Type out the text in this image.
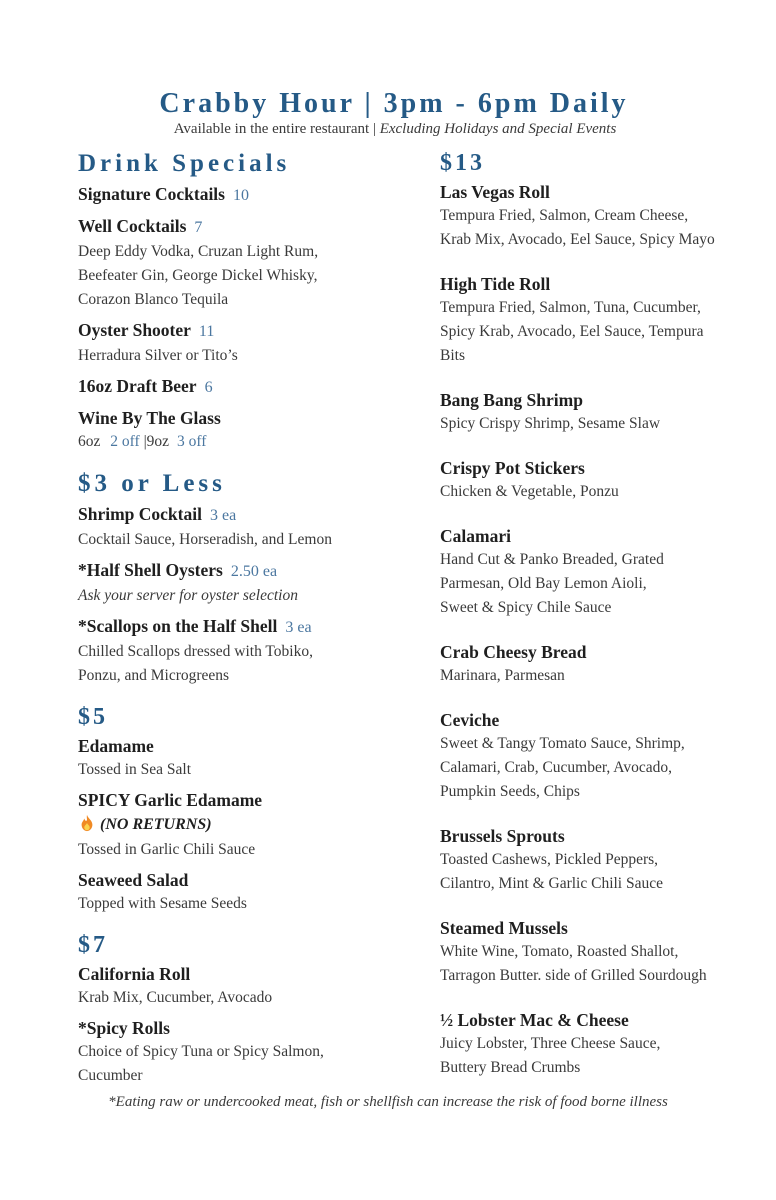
Crabby Hour | 3pm - 6pm Daily
Available in the entire restaurant | Excluding Holidays and Special Events
Drink Specials
Signature Cocktails 10
Well Cocktails 7
Deep Eddy Vodka, Cruzan Light Rum,
Beefeater Gin, George Dickel Whisky,
Corazon Blanco Tequila
Oyster Shooter 11
Herradura Silver or Tito’s
16oz Draft Beer 6
Wine By The Glass
6oz 2 off |9oz 3 off
$3 or Less
Shrimp Cocktail 3 ea
Cocktail Sauce, Horseradish, and Lemon
*Half Shell Oysters 2.50 ea
Ask your server for oyster selection
*Scallops on the Half Shell 3 ea
Chilled Scallops dressed with Tobiko,
Ponzu, and Microgreens
$5
Edamame
Tossed in Sea Salt
SPICY Garlic Edamame
(NO RETURNS)
Tossed in Garlic Chili Sauce
Seaweed Salad
Topped with Sesame Seeds
$7
California Roll
Krab Mix, Cucumber, Avocado
*Spicy Rolls
Choice of Spicy Tuna or Spicy Salmon,
Cucumber
$13
Las Vegas Roll
Tempura Fried, Salmon, Cream Cheese,
Krab Mix, Avocado, Eel Sauce, Spicy Mayo
High Tide Roll
Tempura Fried, Salmon, Tuna, Cucumber,
Spicy Krab, Avocado, Eel Sauce, Tempura
Bits
Bang Bang Shrimp
Spicy Crispy Shrimp, Sesame Slaw
Crispy Pot Stickers
Chicken & Vegetable, Ponzu
Calamari
Hand Cut & Panko Breaded, Grated
Parmesan, Old Bay Lemon Aioli,
Sweet & Spicy Chile Sauce
Crab Cheesy Bread
Marinara, Parmesan
Ceviche
Sweet & Tangy Tomato Sauce, Shrimp,
Calamari, Crab, Cucumber, Avocado,
Pumpkin Seeds, Chips
Brussels Sprouts
Toasted Cashews, Pickled Peppers,
Cilantro, Mint & Garlic Chili Sauce
Steamed Mussels
White Wine, Tomato, Roasted Shallot,
Tarragon Butter. side of Grilled Sourdough
½ Lobster Mac & Cheese
Juicy Lobster, Three Cheese Sauce,
Buttery Bread Crumbs
*Eating raw or undercooked meat, fish or shellfish can increase the risk of food borne illness
